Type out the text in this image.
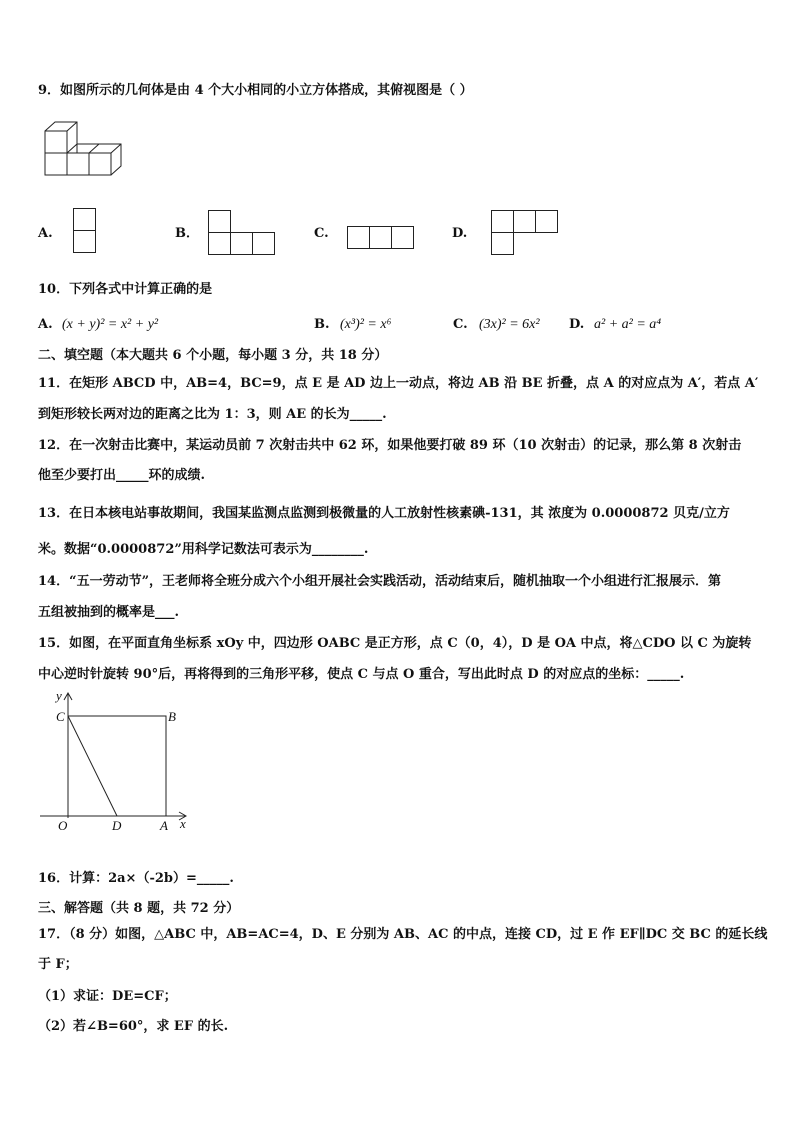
9．如图所示的几何体是由 4 个大小相同的小立方体搭成，其俯视图是（ ）
A.	B．	C.	D.
10．下列各式中计算正确的是
A. (x + y)² = x² + y²	B. (x³)² = x⁶	C. (3x)² = 6x² D. a² + a² = a⁴
二、填空题（本大题共 6 个小题，每小题 3 分，共 18 分）
11．在矩形 ABCD 中，AB=4，BC=9，点 E 是 AD 边上一动点，将边 AB 沿 BE 折叠，点 A 的对应点为 A′，若点 A′
到矩形较长两对边的距离之比为 1：3，则 AE 的长为_____.
12．在一次射击比赛中，某运动员前 7 次射击共中 62 环，如果他要打破 89 环（10 次射击）的记录，那么第 8 次射击
他至少要打出_____环的成绩.
13．在日本核电站事故期间，我国某监测点监测到极微量的人工放射性核素碘-131，其 浓度为 0.0000872 贝克/立方
米。数据“0.0000872”用科学记数法可表示为________.
14．“五一劳动节”，王老师将全班分成六个小组开展社会实践活动，活动结束后，随机抽取一个小组进行汇报展示．第
五组被抽到的概率是___.
15．如图，在平面直角坐标系 xOy 中，四边形 OABC 是正方形，点 C（0，4），D 是 OA 中点，将△CDO 以 C 为旋转
中心逆时针旋转 90°后，再将得到的三角形平移，使点 C 与点 O 重合，写出此时点 D 的对应点的坐标：_____.
y
C	B
O	D	A x
16．计算：2a×（-2b）=_____.
三、解答题（共 8 题，共 72 分）
17．（8 分）如图，△ABC 中，AB=AC=4，D、E 分别为 AB、AC 的中点，连接 CD，过 E 作 EF∥DC 交 BC 的延长线
于 F；
（1）求证：DE=CF；
（2）若∠B=60°，求 EF 的长.
